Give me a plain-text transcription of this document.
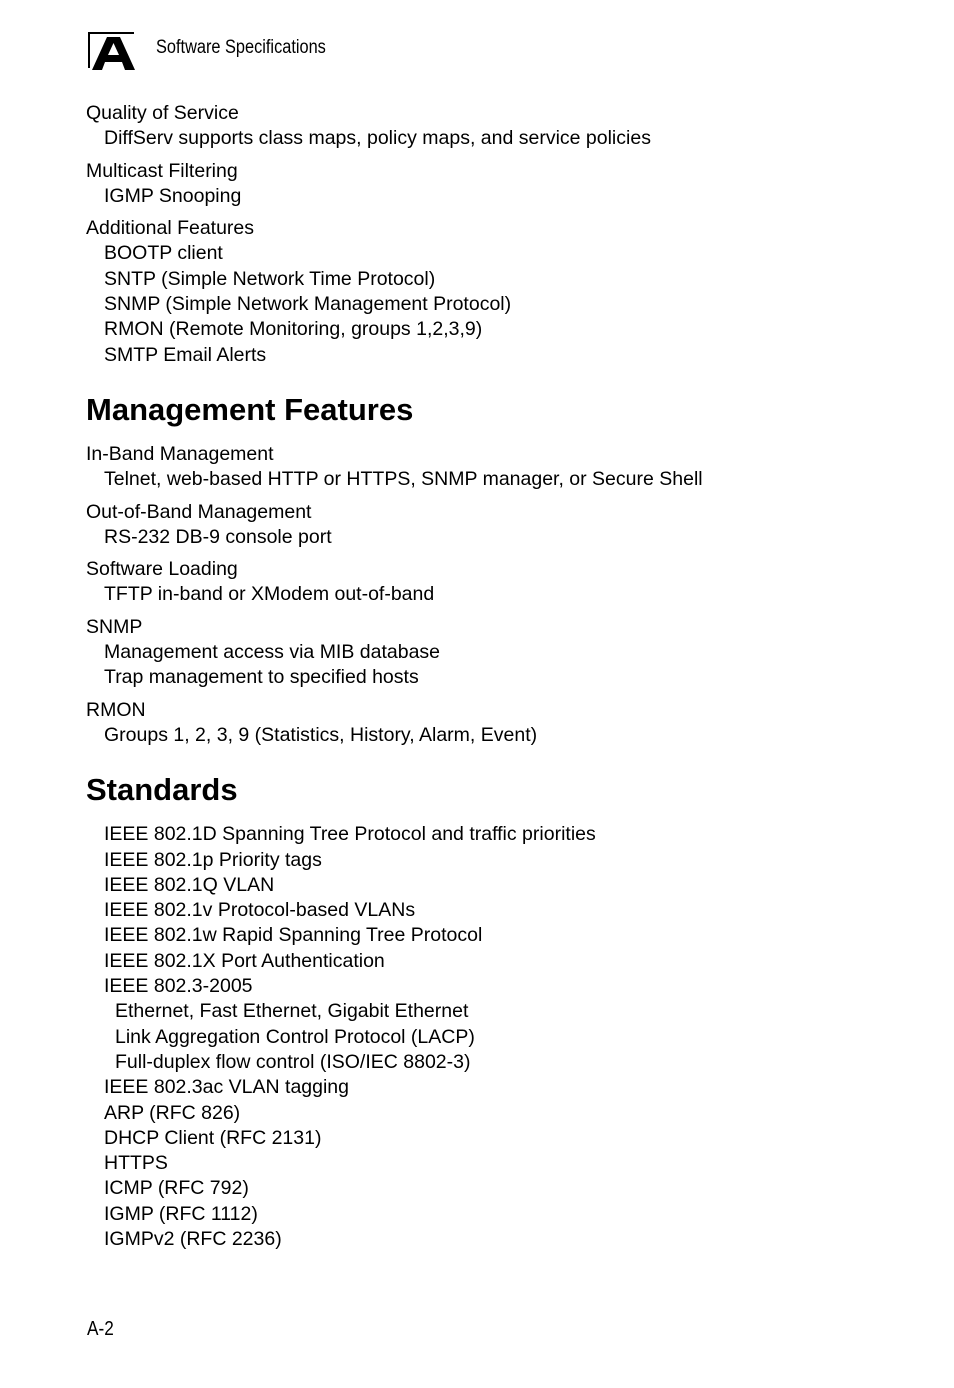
Software Specifications
Quality of Service
DiffServ supports class maps, policy maps, and service policies
Multicast Filtering
IGMP Snooping
Additional Features
BOOTP client
SNTP (Simple Network Time Protocol)
SNMP (Simple Network Management Protocol)
RMON (Remote Monitoring, groups 1,2,3,9)
SMTP Email Alerts
Management Features
In-Band Management
Telnet, web-based HTTP or HTTPS, SNMP manager, or Secure Shell
Out-of-Band Management
RS-232 DB-9 console port
Software Loading
TFTP in-band or XModem out-of-band
SNMP
Management access via MIB database
Trap management to specified hosts
RMON
Groups 1, 2, 3, 9 (Statistics, History, Alarm, Event)
Standards
IEEE 802.1D Spanning Tree Protocol and traffic priorities
IEEE 802.1p Priority tags
IEEE 802.1Q VLAN
IEEE 802.1v Protocol-based VLANs
IEEE 802.1w Rapid Spanning Tree Protocol
IEEE 802.1X Port Authentication
IEEE 802.3-2005
Ethernet, Fast Ethernet, Gigabit Ethernet
Link Aggregation Control Protocol (LACP)
Full-duplex flow control (ISO/IEC 8802-3)
IEEE 802.3ac VLAN tagging
ARP (RFC 826)
DHCP Client (RFC 2131)
HTTPS
ICMP (RFC 792)
IGMP (RFC 1112)
IGMPv2 (RFC 2236)
A-2
